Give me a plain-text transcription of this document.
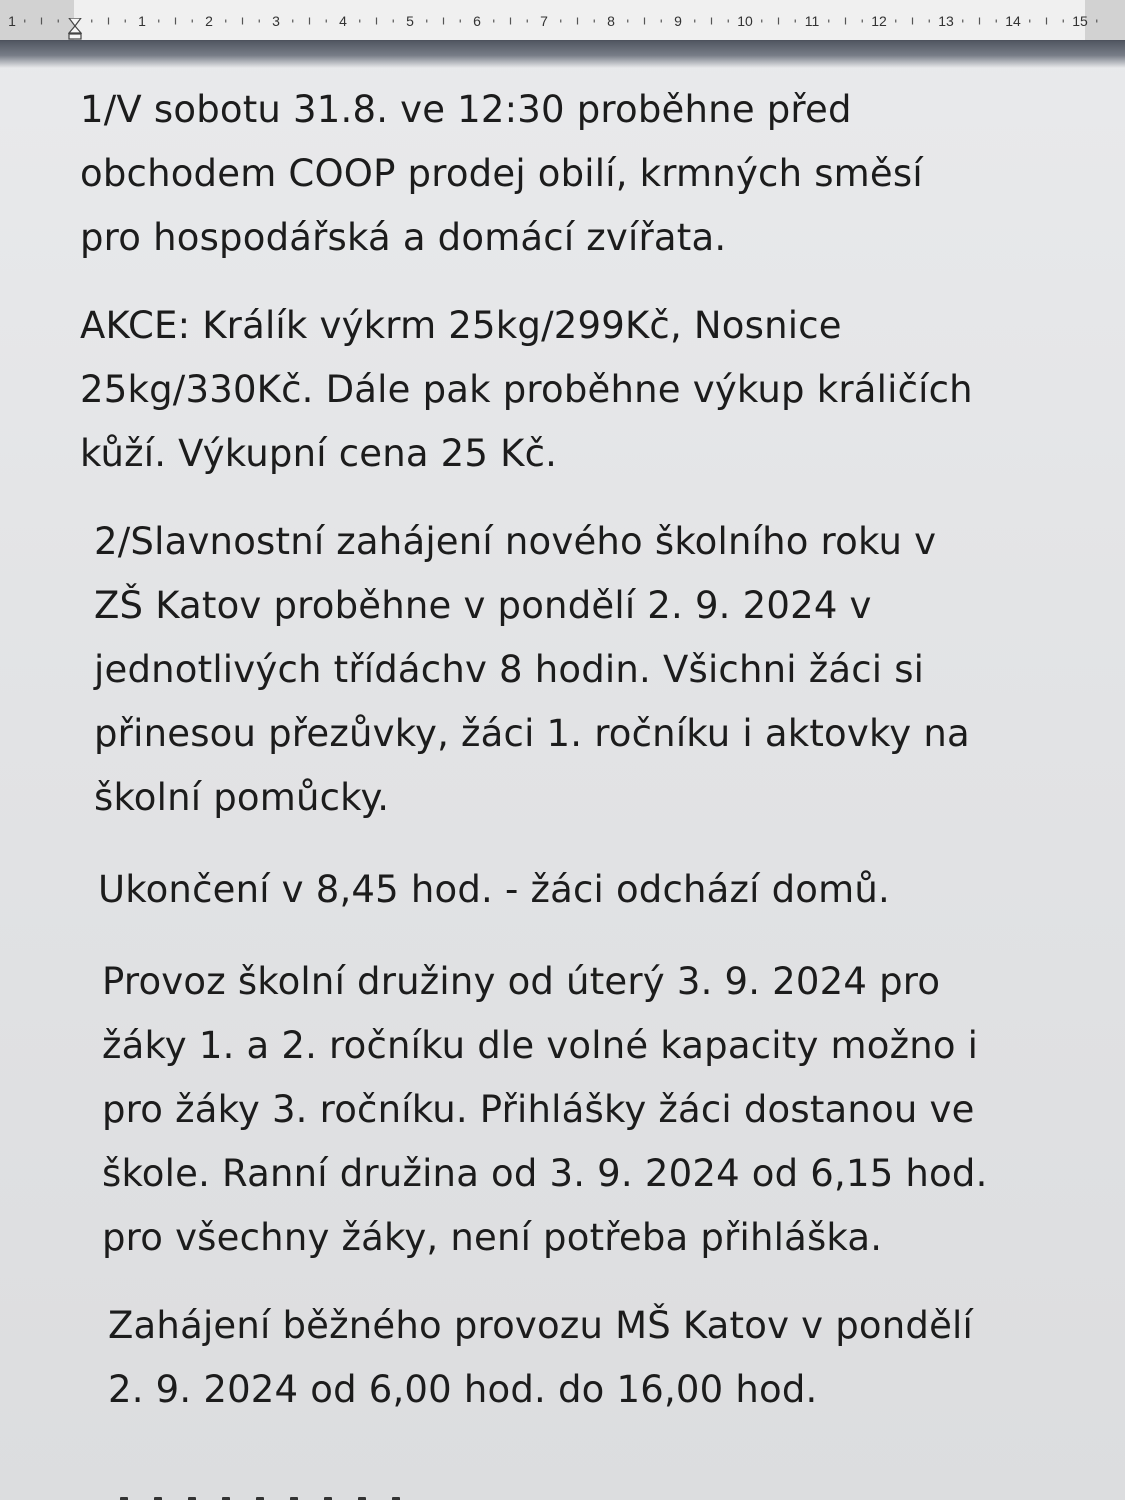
1	1	2	3	4	5	6	7	8	9	10	11	12	13	14	15

1/V sobotu 31.8. ve 12:30 proběhne před
obchodem COOP prodej obilí, krmných směsí
pro hospodářská a domácí zvířata.

AKCE: Králík výkrm 25kg/299Kč, Nosnice
25kg/330Kč. Dále pak proběhne výkup králičích
kůží. Výkupní cena 25 Kč.

2/Slavnostní zahájení nového školního roku v
ZŠ Katov proběhne v pondělí 2. 9. 2024 v
jednotlivých třídáchv 8 hodin. Všichni žáci si
přinesou přezůvky, žáci 1. ročníku i aktovky na
školní pomůcky.

Ukončení v 8,45 hod. - žáci odchází domů.

Provoz školní družiny od úterý 3. 9. 2024 pro
žáky 1. a 2. ročníku dle volné kapacity možno i
pro žáky 3. ročníku. Přihlášky žáci dostanou ve
škole. Ranní družina od 3. 9. 2024 od 6,15 hod.
pro všechny žáky, není potřeba přihláška.

Zahájení běžného provozu MŠ Katov v pondělí
2. 9. 2024 od 6,00 hod. do 16,00 hod.
